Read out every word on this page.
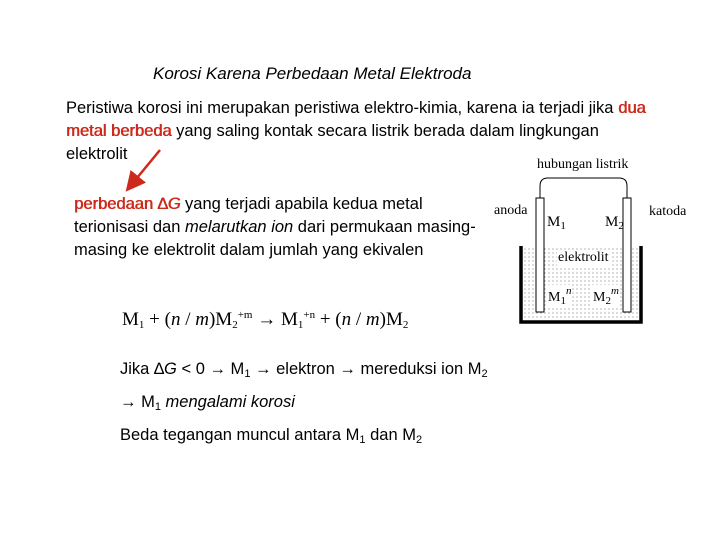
Korosi Karena Perbedaan Metal Elektroda
Peristiwa korosi ini merupakan peristiwa elektro-kimia, karena ia terjadi jika dua metal berbeda yang saling kontak secara listrik berada dalam lingkungan elektrolit
hubungan listrik
anoda	katoda
$M_1$	$M_2$
elektrolit
$M_1^n$ $M_2^m$
perbedaan ∆G yang terjadi apabila kedua metal terionisasi dan melarutkan ion dari permukaan masing-masing ke elektrolit dalam jumlah yang ekivalen
$M_1 + (n / m)M_2^{+m} \to M_1^{+n} + (n / m)M_2$
Jika $\Delta G < 0 \to M_1$ → elektron → mereduksi ion $M_2$
→ $M_1$ mengalami korosi
Beda tegangan muncul antara $M_1$ dan $M_2$
